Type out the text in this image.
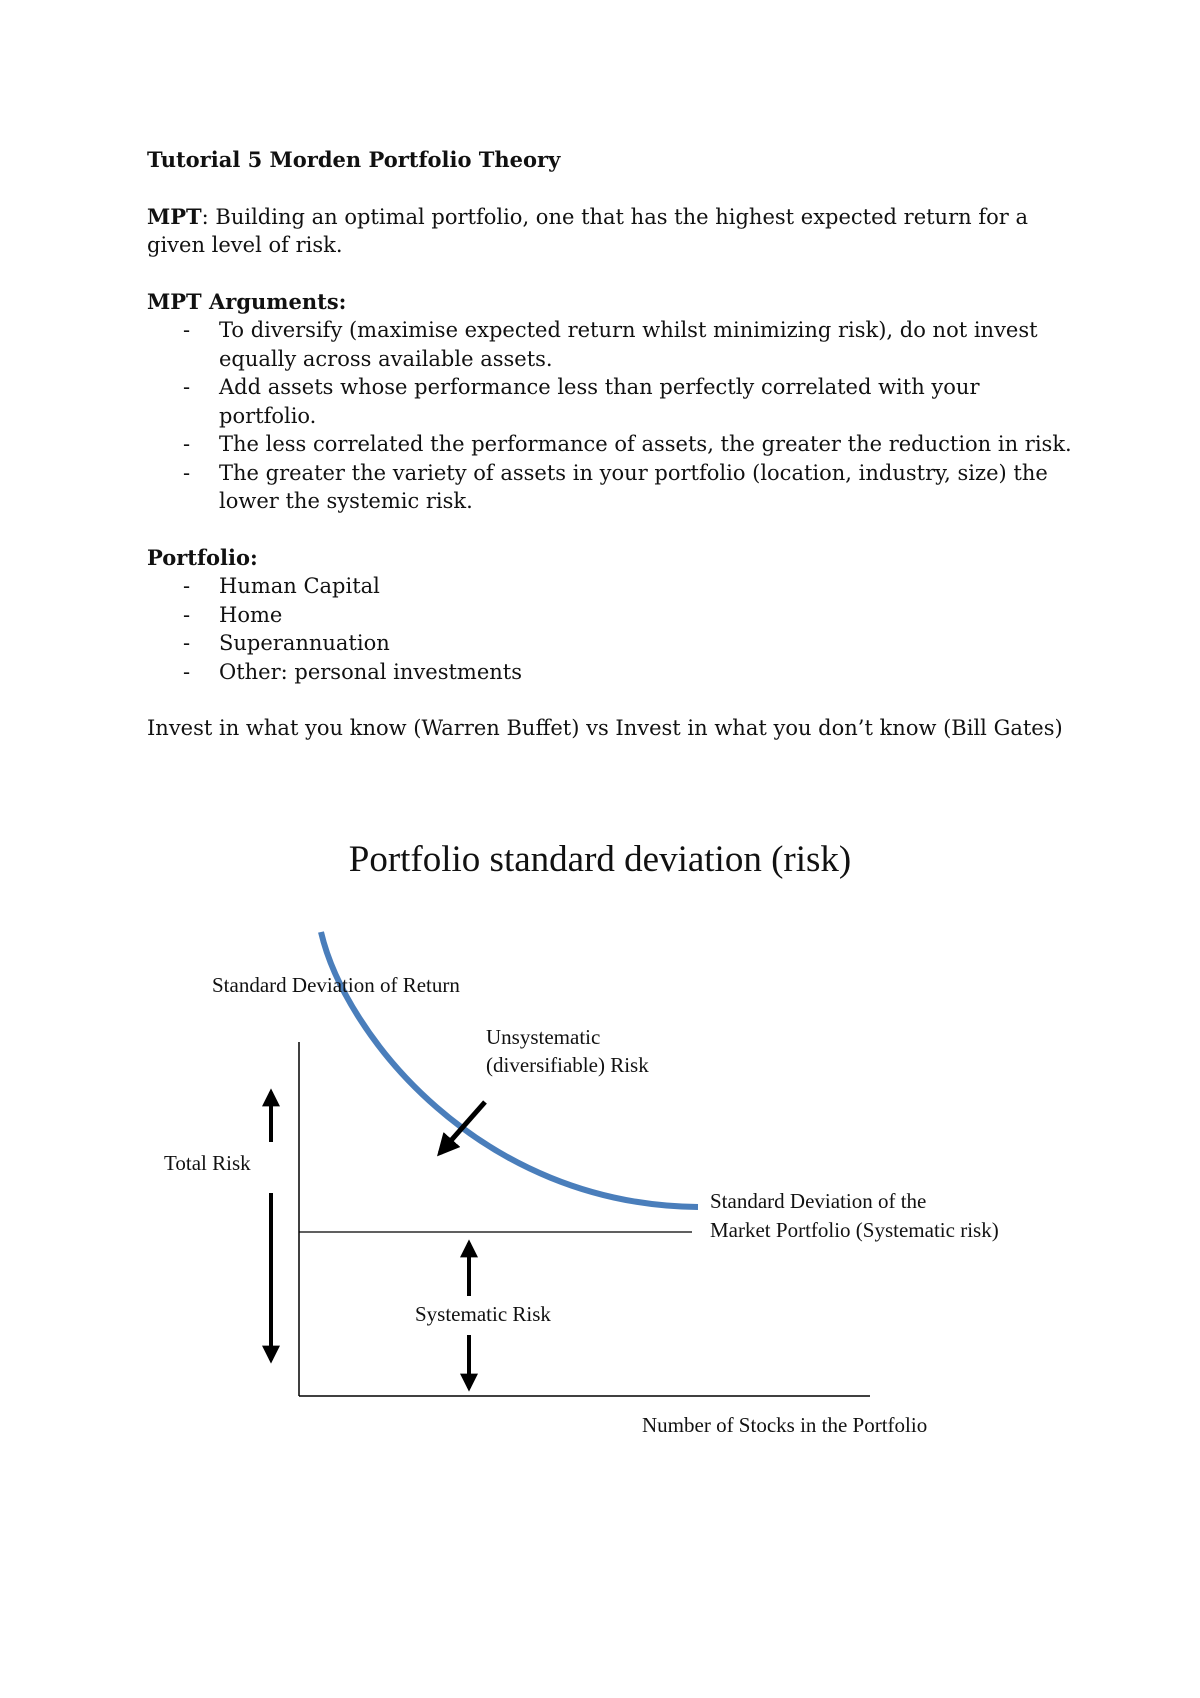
Tutorial 5 Morden Portfolio Theory
MPT: Building an optimal portfolio, one that has the highest expected return for a given level of risk.
MPT Arguments:
- To diversify (maximise expected return whilst minimizing risk), do not invest equally across available assets.
- Add assets whose performance less than perfectly correlated with your portfolio.
- The less correlated the performance of assets, the greater the reduction in risk.
- The greater the variety of assets in your portfolio (location, industry, size) the lower the systemic risk.
Portfolio:
- Human Capital
- Home
- Superannuation
- Other: personal investments
Invest in what you know (Warren Buffet) vs Invest in what you don’t know (Bill Gates)
Portfolio standard deviation (risk)
Standard Deviation of Return
Unsystematic
(diversifiable) Risk
Total Risk
Standard Deviation of the
Market Portfolio (Systematic risk)
Systematic Risk
Number of Stocks in the Portfolio
